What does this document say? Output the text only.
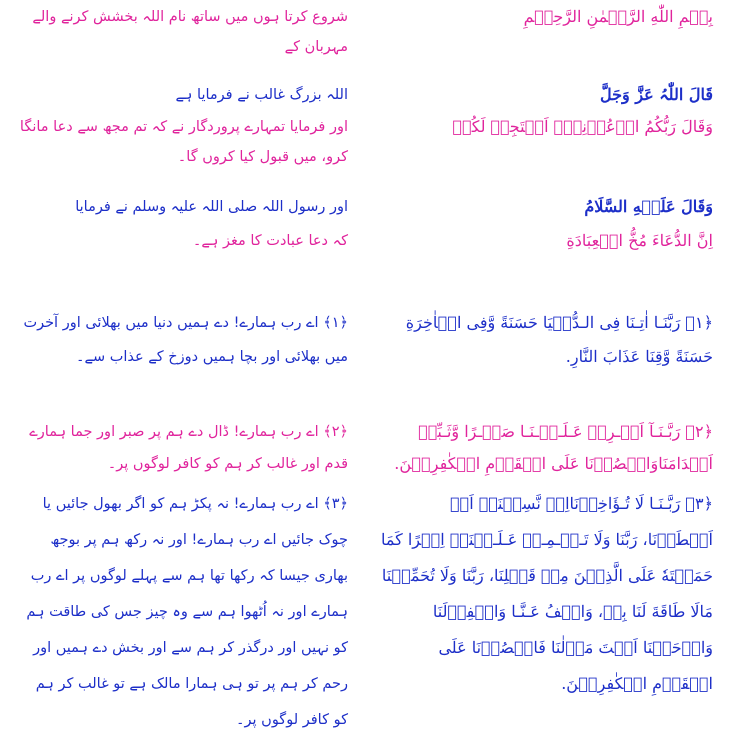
بِسۡمِ اللّٰهِ الرَّحۡمٰنِ الرَّحِیۡمِ
شروع کرتا ہوں میں ساتھ نام اللہ بخشش کرنے والے مہربان کے
قَالَ اللّٰہُ عَزَّ وَجَلَّ
اللہ بزرگ غالب نے فرمایا ہے
وَقَالَ رَبُّکُمُ ادۡعُوۡنِیۡۤ اَسۡتَجِبۡ لَکُمۡ
اور فرمایا تمہارے پروردگار نے کہ تم مجھ سے دعا مانگا کرو، میں قبول کیا کروں گا۔
وَقَالَ عَلَیۡهِ السَّلَامُ
اور رسول اللہ صلی اللہ علیہ وسلم نے فرمایا
اِنَّ الدُّعَاءَ مُخُّ الۡعِبَادَةِ
کہ دعا عبادت کا مغز ہے۔
﴿۱﴾ رَبَّنَـا اٰتِـنَا فِی الـدُّنۡیَا حَسَنَةً وَّفِی الۡاٰخِرَةِ حَسَنَةً وَّقِنَا عَذَابَ النَّارِ.
﴿۱﴾ اے رب ہمارے! دے ہمیں دنیا میں بھلائی اور آخرت میں بھلائی اور بچا ہمیں دوزخ کے عذاب سے۔
﴿۲﴾ رَبَّـنَـآ اَفۡـرِغۡ عَـلَـیۡـنَـا صَبۡـرًا وَّثَـبِّتۡ اَقۡدَامَنَاوَانۡصُرۡنَا عَلَی الۡقَوۡمِ الۡکٰفِرِیۡنَ.
﴿۲﴾ اے رب ہمارے! ڈال دے ہم پر صبر اور جما ہمارے قدم اور غالب کر ہم کو کافر لوگوں پر۔
﴿۳﴾ رَبَّـنَـا لَا تُـؤَاخِذۡنَااِنۡ نَّسِیۡنَاۤ اَوۡ اَخۡطَاۡنَا، رَبَّنَا وَلَا تَـحۡـمِـلۡ عَـلَـیۡنَاۤ اِصۡرًا کَمَا حَمَلۡتَهٗ عَلَی الَّذِیۡنَ مِنۡ قَبۡلِنَا، رَبَّنَا وَلَا تُحَمِّلۡنَا مَالَا طَاقَةَ لَنَا بِهٖ، وَاعۡفُ عَـنَّـا وَاغۡفِرۡلَنَا وَارۡحَمۡنَا اَنۡتَ مَوۡلٰنَا فَانۡصُرۡنَا عَلَی الۡقَوۡمِ الۡکٰفِرِیۡنَ.
﴿۳﴾ اے رب ہمارے! نہ پکڑ ہم کو اگر بھول جائیں یا چوک جائیں اے رب ہمارے! اور نہ رکھ ہم پر بوجھ بھاری جیسا کہ رکھا تھا ہم سے پہلے لوگوں پر اے رب ہمارے اور نہ اُٹھوا ہم سے وہ چیز جس کی طاقت ہم کو نہیں اور درگذر کر ہم سے اور بخش دے ہمیں اور رحم کر ہم پر تو ہی ہمارا مالک ہے تو غالب کر ہم کو کافر لوگوں پر۔
